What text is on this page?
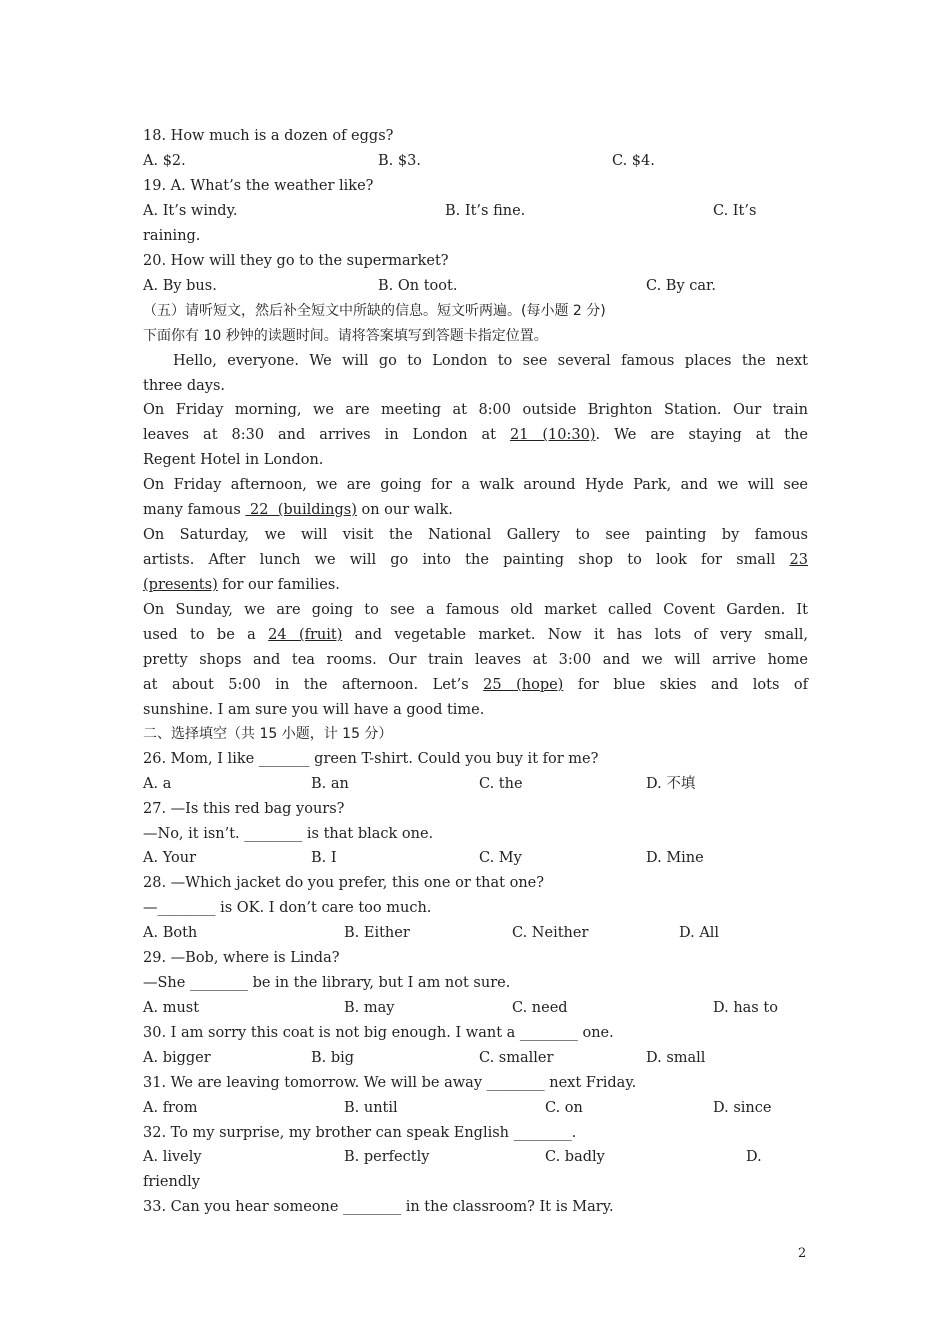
18. How much is a dozen of eggs?
A. $2.	B. $3.	C. $4.
19. A. What’s the weather like?
A. It’s windy.	B. It’s fine.	C. It’s
raining.
20. How will they go to the supermarket?
A. By bus.	B. On toot.	C. By car.
（五）请听短文，然后补全短文中所缺的信息。短文听两遍。(每小题 2 分)
下面你有 10 秒钟的读题时间。请将答案填写到答题卡指定位置。
Hello, everyone. We will go to London to see several famous places the next
three days.
On Friday morning, we are meeting at 8:00 outside Brighton Station. Our train
leaves at 8:30 and arrives in London at 21 (10:30). We are staying at the
Regent Hotel in London.
On Friday afternoon, we are going for a walk around Hyde Park, and we will see
many famous  22  (buildings) on our walk.
On Saturday, we will visit the National Gallery to see painting by famous
artists. After lunch we will go into the painting shop to look for small 23
(presents) for our families.
On Sunday, we are going to see a famous old market called Covent Garden. It
used to be a 24 (fruit) and vegetable market. Now it has lots of very small,
pretty shops and tea rooms. Our train leaves at 3:00 and we will arrive home
at about 5:00 in the afternoon. Let’s 25 (hope) for blue skies and lots of
sunshine. I am sure you will have a good time.
二、选择填空（共 15 小题，计 15 分）
26. Mom, I like _______ green T-shirt. Could you buy it for me?
A. a	B. an	C. the	D. 不填
27. —Is this red bag yours?
—No, it isn’t. ________ is that black one.
A. Your	B. I	C. My	D. Mine
28. —Which jacket do you prefer, this one or that one?
—________ is OK. I don’t care too much.
A. Both	B. Either	C. Neither	D. All
29. —Bob, where is Linda?
—She ________ be in the library, but I am not sure.
A. must	B. may	C. need	D. has to
30. I am sorry this coat is not big enough. I want a ________ one.
A. bigger	B. big	C. smaller	D. small
31. We are leaving tomorrow. We will be away ________ next Friday.
A. from	B. until	C. on	D. since
32. To my surprise, my brother can speak English ________.
A. lively	B. perfectly	C. badly	D.
friendly
33. Can you hear someone ________ in the classroom? It is Mary.
2
